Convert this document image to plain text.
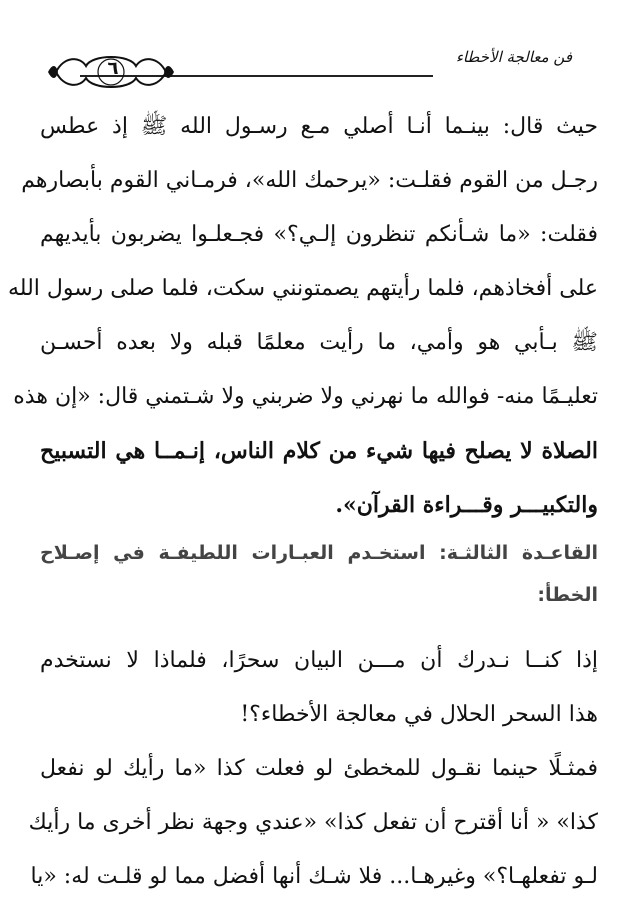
فن معالجة الأخطاء
٦
حيث قال: بينـما أنـا أصلي مـع رسـول الله ﷺ إذ عطس
رجـل من القوم فقلـت: «يرحمك الله»، فرمـاني القوم بأبصارهم
فقلت: «ما شـأنكم تنظرون إلـي؟» فجـعلـوا يضربون بأيديهم
على أفخاذهم، فلما رأيتهم يصمتونني سكت، فلما صلى رسول الله
ﷺ بـأبي هو وأمي، ما رأيت معلمًا قبله ولا بعده أحسـن
تعليـمًا منه- فوالله ما نهرني ولا ضربني ولا شـتمني قال: «إن هذه
الصلاة لا يصلح فيها شيء من كلام الناس، إنـمــا هي التسبيح
والتكبيـــر وقـــراءة القرآن».
القاعـدة الثالثـة: استخـدم العبـارات اللطيفـة في إصـلاح
الخطأ:
إذا كنــا نـدرك أن مـــن البيان سحرًا، فلماذا لا نستخدم
هذا السحر الحلال في معالجة الأخطاء؟!
فمثـلًا حينما نقـول للمخطئ لو فعلت كذا «ما رأيك لو نفعل
كذا» « أنا أقترح أن تفعل كذا» «عندي وجهة نظر أخرى ما رأيك
لـو تفعلهـا؟» وغيرهـا... فلا شـك أنها أفضل مما لو قلـت له: «يا
